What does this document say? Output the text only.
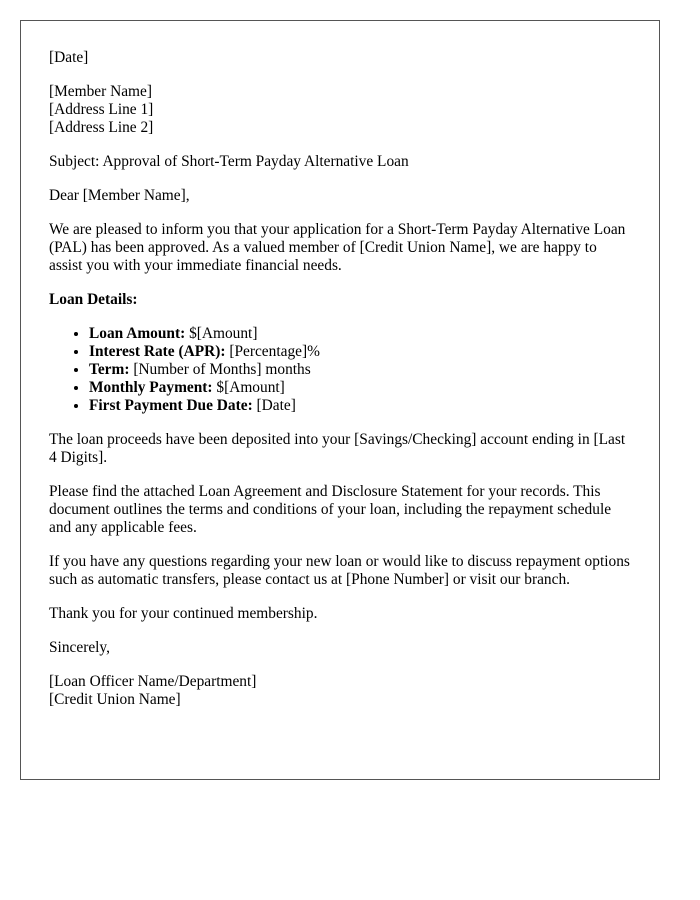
[Date]

[Member Name]
[Address Line 1]
[Address Line 2]

Subject: Approval of Short-Term Payday Alternative Loan

Dear [Member Name],

We are pleased to inform you that your application for a Short-Term Payday Alternative Loan (PAL) has been approved. As a valued member of [Credit Union Name], we are happy to assist you with your immediate financial needs.

Loan Details:

• Loan Amount: $[Amount]
• Interest Rate (APR): [Percentage]%
• Term: [Number of Months] months
• Monthly Payment: $[Amount]
• First Payment Due Date: [Date]

The loan proceeds have been deposited into your [Savings/Checking] account ending in [Last 4 Digits].

Please find the attached Loan Agreement and Disclosure Statement for your records. This document outlines the terms and conditions of your loan, including the repayment schedule and any applicable fees.

If you have any questions regarding your new loan or would like to discuss repayment options such as automatic transfers, please contact us at [Phone Number] or visit our branch.

Thank you for your continued membership.

Sincerely,

[Loan Officer Name/Department]
[Credit Union Name]
